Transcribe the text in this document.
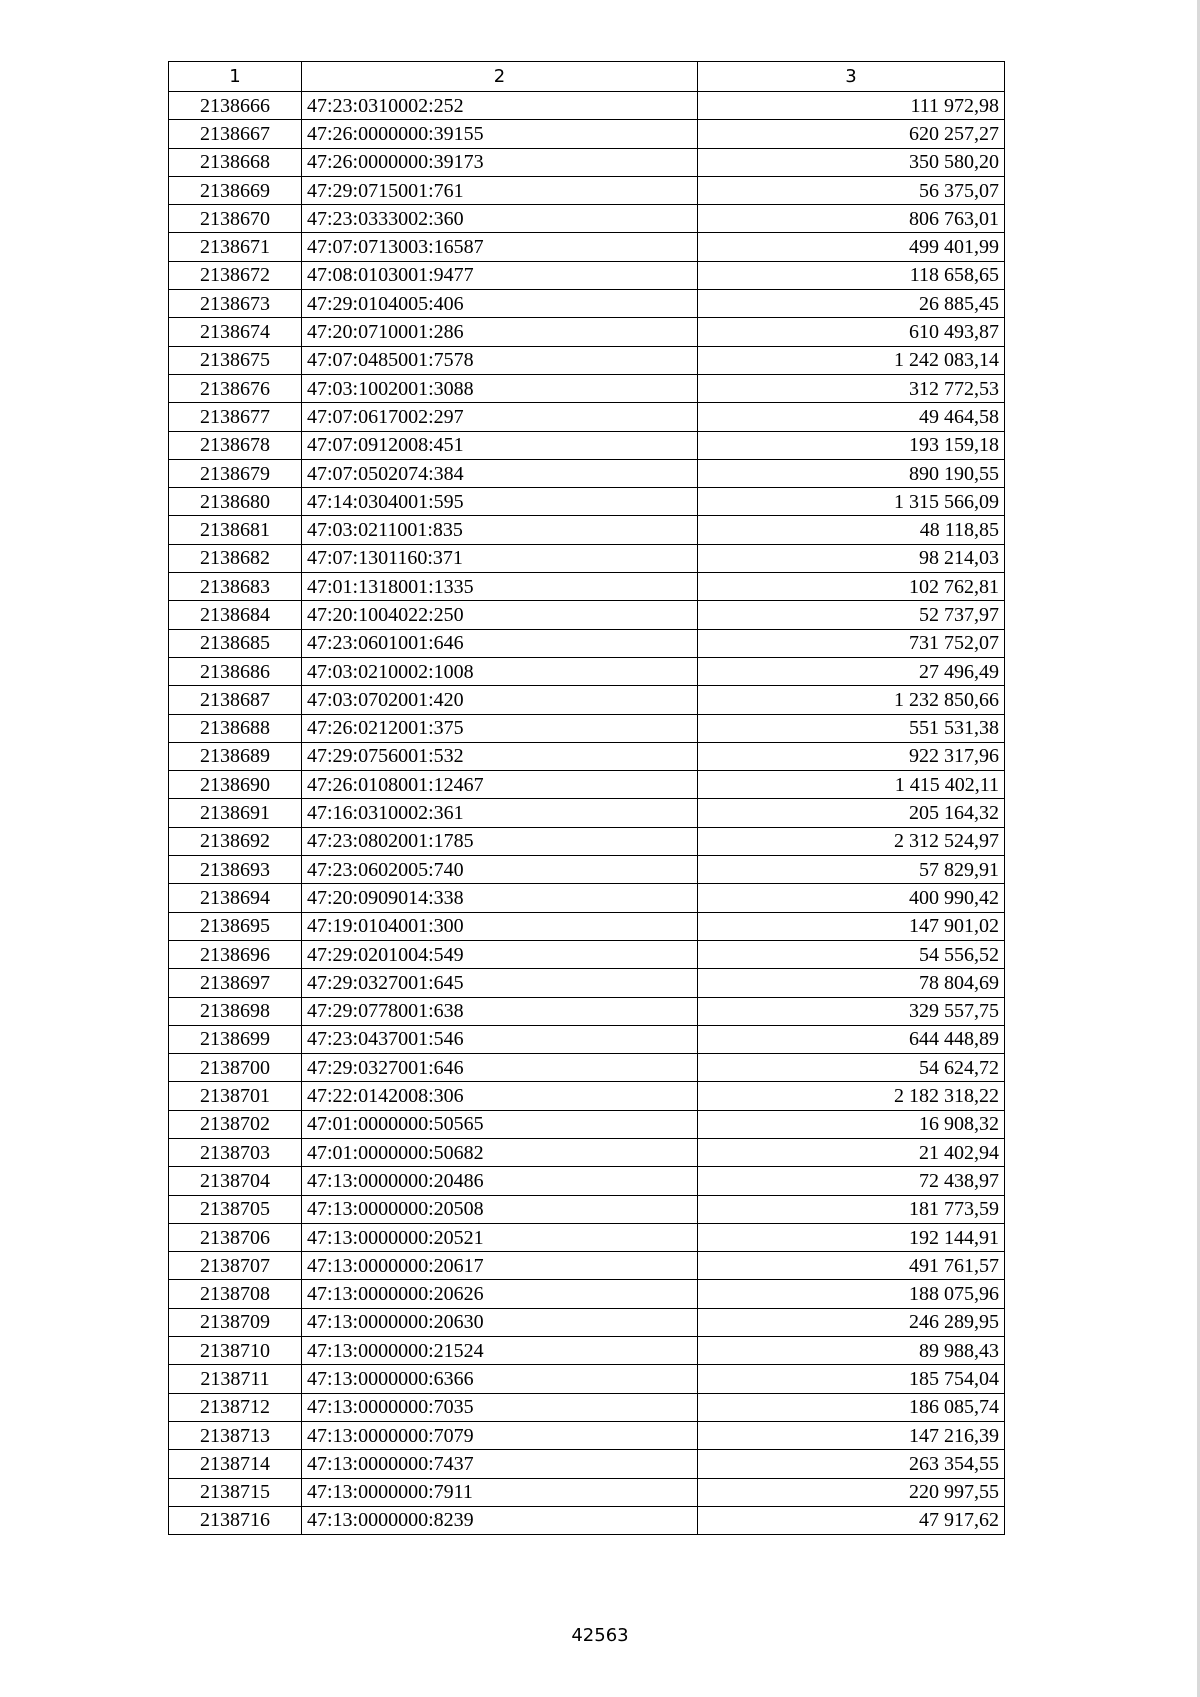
1	2	3
2138666	47:23:0310002:252	111 972,98
2138667	47:26:0000000:39155	620 257,27
2138668	47:26:0000000:39173	350 580,20
2138669	47:29:0715001:761	56 375,07
2138670	47:23:0333002:360	806 763,01
2138671	47:07:0713003:16587	499 401,99
2138672	47:08:0103001:9477	118 658,65
2138673	47:29:0104005:406	26 885,45
2138674	47:20:0710001:286	610 493,87
2138675	47:07:0485001:7578	1 242 083,14
2138676	47:03:1002001:3088	312 772,53
2138677	47:07:0617002:297	49 464,58
2138678	47:07:0912008:451	193 159,18
2138679	47:07:0502074:384	890 190,55
2138680	47:14:0304001:595	1 315 566,09
2138681	47:03:0211001:835	48 118,85
2138682	47:07:1301160:371	98 214,03
2138683	47:01:1318001:1335	102 762,81
2138684	47:20:1004022:250	52 737,97
2138685	47:23:0601001:646	731 752,07
2138686	47:03:0210002:1008	27 496,49
2138687	47:03:0702001:420	1 232 850,66
2138688	47:26:0212001:375	551 531,38
2138689	47:29:0756001:532	922 317,96
2138690	47:26:0108001:12467	1 415 402,11
2138691	47:16:0310002:361	205 164,32
2138692	47:23:0802001:1785	2 312 524,97
2138693	47:23:0602005:740	57 829,91
2138694	47:20:0909014:338	400 990,42
2138695	47:19:0104001:300	147 901,02
2138696	47:29:0201004:549	54 556,52
2138697	47:29:0327001:645	78 804,69
2138698	47:29:0778001:638	329 557,75
2138699	47:23:0437001:546	644 448,89
2138700	47:29:0327001:646	54 624,72
2138701	47:22:0142008:306	2 182 318,22
2138702	47:01:0000000:50565	16 908,32
2138703	47:01:0000000:50682	21 402,94
2138704	47:13:0000000:20486	72 438,97
2138705	47:13:0000000:20508	181 773,59
2138706	47:13:0000000:20521	192 144,91
2138707	47:13:0000000:20617	491 761,57
2138708	47:13:0000000:20626	188 075,96
2138709	47:13:0000000:20630	246 289,95
2138710	47:13:0000000:21524	89 988,43
2138711	47:13:0000000:6366	185 754,04
2138712	47:13:0000000:7035	186 085,74
2138713	47:13:0000000:7079	147 216,39
2138714	47:13:0000000:7437	263 354,55
2138715	47:13:0000000:7911	220 997,55
2138716	47:13:0000000:8239	47 917,62
42563
